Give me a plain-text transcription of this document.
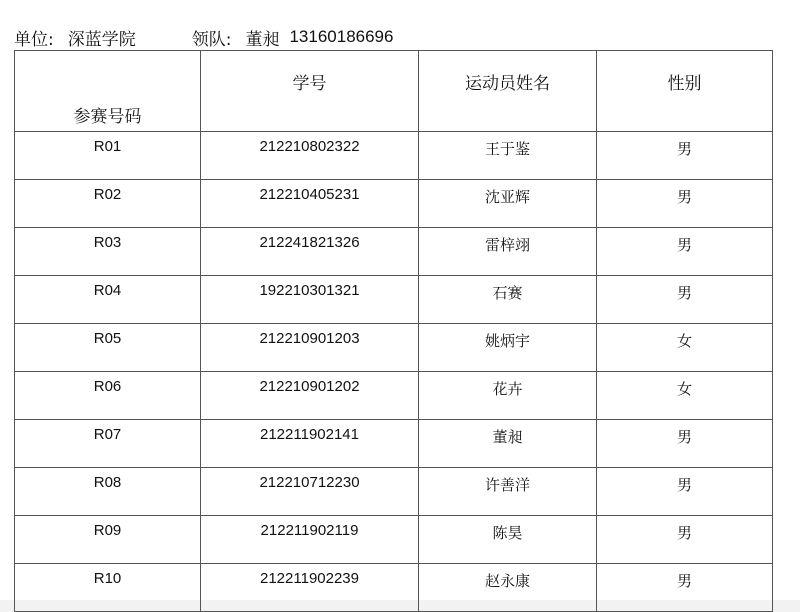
单位: 深蓝学院	领队: 董昶 13160186696
参赛号码	学号	运动员姓名	性别
R01	212210802322	王于鉴	男
R02	212210405231	沈亚辉	男
R03	212241821326	雷梓翊	男
R04	192210301321	石赛	男
R05	212210901203	姚炳宇	女
R06	212210901202	花卉	女
R07	212211902141	董昶	男
R08	212210712230	许善洋	男
R09	212211902119	陈昊	男
R10	212211902239	赵永康	男
